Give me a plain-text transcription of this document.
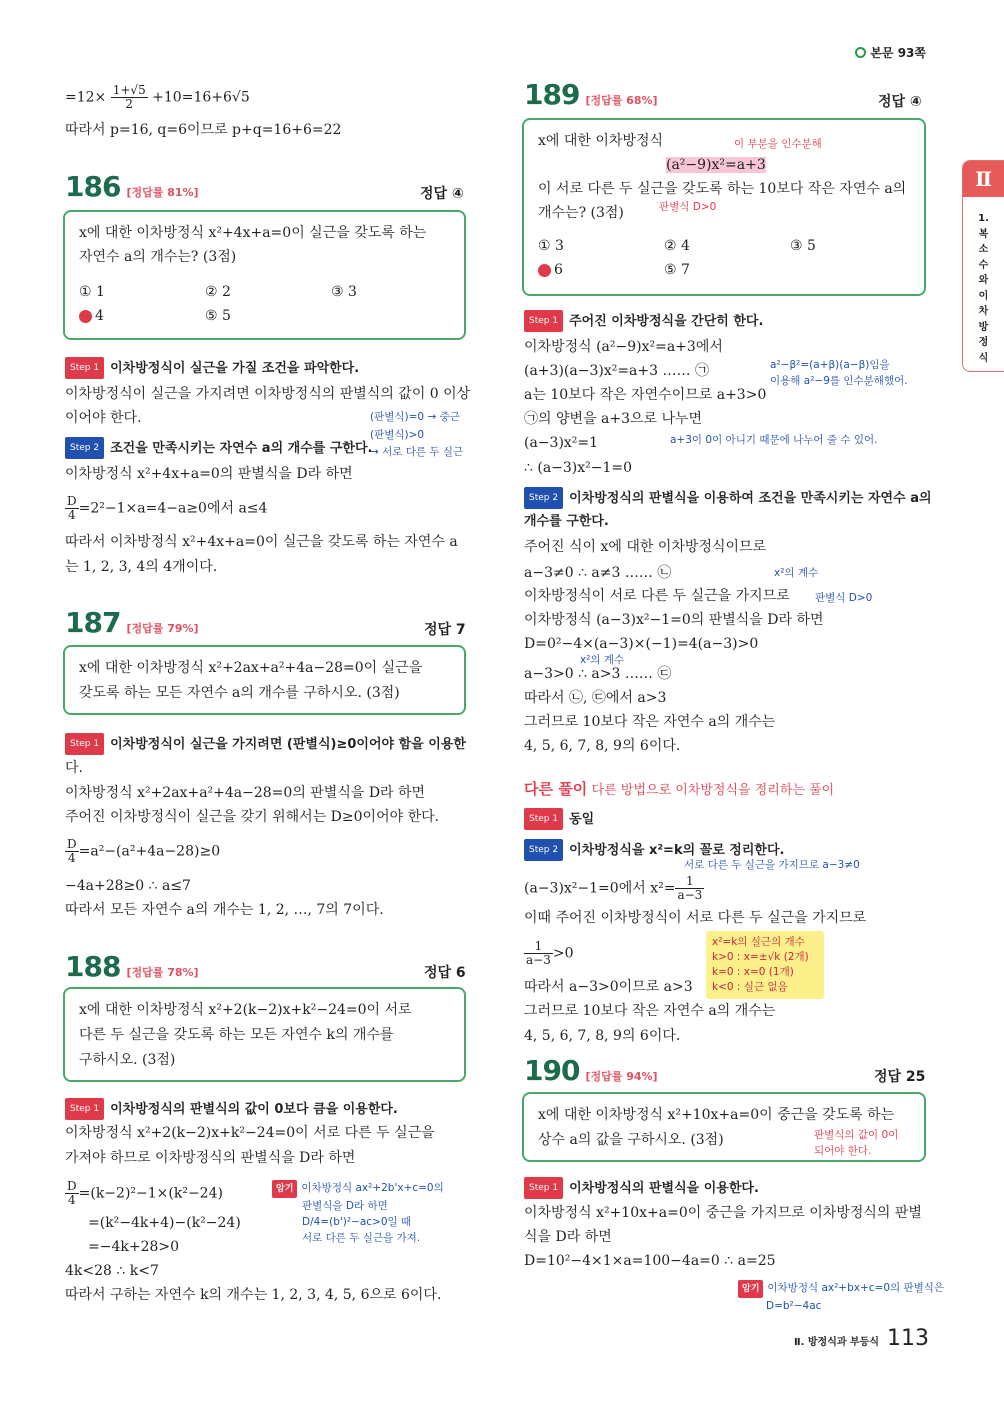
본문 93쪽
Ⅱ
1. 복소수와 이차방정식
$=12\times \frac{1+√5}{2} +10=16+6√5$
따라서 p=16, q=6이므로 p+q=16+6=22
186 [정답률 81%]	정답 ④
x에 대한 이차방정식 x²+4x+a=0이 실근을 갖도록 하는
자연수 a의 개수는? (3점)
① 1	② 2	③ 3
4	⑤ 5
Step 1 이차방정식이 실근을 가질 조건을 파악한다.
이차방정식이 실근을 가지려면 이차방정식의 판별식의 값이 0 이상
이어야 한다.	(판별식)=0 → 중근
(판별식)>0
→ 서로 다른 두 실근
Step 2 조건을 만족시키는 자연수 a의 개수를 구한다.
이차방정식 x²+4x+a=0의 판별식을 D라 하면
$\frac{D}{4} =2^2-1\times a=4-a\ge 0$에서 a≤4
따라서 이차방정식 x²+4x+a=0이 실근을 갖도록 하는 자연수 a
는 1, 2, 3, 4의 4개이다.
187 [정답률 79%]	정답 7
x에 대한 이차방정식 x²+2ax+a²+4a−28=0이 실근을
갖도록 하는 모든 자연수 a의 개수를 구하시오. (3점)
Step 1 이차방정식이 실근을 가지려면 (판별식)≥0이어야 함을 이용한
다.
이차방정식 x²+2ax+a²+4a−28=0의 판별식을 D라 하면
주어진 이차방정식이 실근을 갖기 위해서는 D≥0이어야 한다.
$\frac{D}{4} =a^2-(a^2+4a-28)\ge 0$
−4a+28≥0 ∴ a≤7
따라서 모든 자연수 a의 개수는 1, 2, …, 7의 7이다.
188 [정답률 78%]	정답 6
x에 대한 이차방정식 x²+2(k−2)x+k²−24=0이 서로
다른 두 실근을 갖도록 하는 모든 자연수 k의 개수를
구하시오. (3점)
Step 1 이차방정식의 판별식의 값이 0보다 큼을 이용한다.
이차방정식 x²+2(k−2)x+k²−24=0이 서로 다른 두 실근을
가져야 하므로 이차방정식의 판별식을 D라 하면
$\frac{D}{4} =(k-2)^2-1\times(k^2-24)$
=(k²−4k+4)−(k²−24)
=−4k+28>0
4k<28 ∴ k<7
따라서 구하는 자연수 k의 개수는 1, 2, 3, 4, 5, 6으로 6이다.
암기 이차방정식 ax²+2b'x+c=0의
판별식을 D라 하면
D/4=(b')²−ac>0일 때
서로 다른 두 실근을 가져.
189 [정답률 68%]	정답 ④
x에 대한 이차방정식	이 부분을 인수분해
(a²−9)x²=a+3
이 서로 다른 두 실근을 갖도록 하는 10보다 작은 자연수 a의
개수는? (3점)	판별식 D>0
① 3	② 4	③ 5
6	⑤ 7
Step 1 주어진 이차방정식을 간단히 한다.
이차방정식 (a²−9)x²=a+3에서
(a+3)(a−3)x²=a+3 …… ㉠	a²−β²=(a+β)(a−β)임을
이용해 a²−9를 인수분해했어.
a는 10보다 작은 자연수이므로 a+3>0
㉠의 양변을 a+3으로 나누면
(a−3)x²=1	a+3이 0이 아니기 때문에 나누어 줄 수 있어.
∴ (a−3)x²−1=0
Step 2 이차방정식의 판별식을 이용하여 조건을 만족시키는 자연수 a의
개수를 구한다.
주어진 식이 x에 대한 이차방정식이므로
a−3≠0 ∴ a≠3 …… ㉡	x²의 계수
이차방정식이 서로 다른 두 실근을 가지므로 판별식 D>0
이차방정식 (a−3)x²−1=0의 판별식을 D라 하면
D=0²−4×(a−3)×(−1)=4(a−3)>0
x²의 계수
a−3>0 ∴ a>3 …… ㉢
따라서 ㉡, ㉢에서 a>3
그러므로 10보다 작은 자연수 a의 개수는
4, 5, 6, 7, 8, 9의 6이다.
다른 풀이 다른 방법으로 이차방정식을 정리하는 풀이
Step 1 동일
Step 2 이차방정식을 x²=k의 꼴로 정리한다.
서로 다른 두 실근을 가지므로 a−3≠0
(a−3)x²−1=0에서 $x^2= \frac{1}{a-3}$
이때 주어진 이차방정식이 서로 다른 두 실근을 가지므로
$\frac{1}{a-3} >0$
따라서 a−3>0이므로 a>3
그러므로 10보다 작은 자연수 a의 개수는
4, 5, 6, 7, 8, 9의 6이다.
x²=k의 실근의 개수
k>0 : x=±√k (2개)
k=0 : x=0 (1개)
k<0 : 실근 없음
190 [정답률 94%]	정답 25
x에 대한 이차방정식 x²+10x+a=0이 중근을 갖도록 하는
상수 a의 값을 구하시오. (3점)	판별식의 값이 0이
되어야 한다.
Step 1 이차방정식의 판별식을 이용한다.
이차방정식 x²+10x+a=0이 중근을 가지므로 이차방정식의 판별
식을 D라 하면
D=10²−4×1×a=100−4a=0 ∴ a=25
암기 이차방정식 ax²+bx+c=0의 판별식은
D=b²−4ac
Ⅱ. 방정식과 부등식 113
